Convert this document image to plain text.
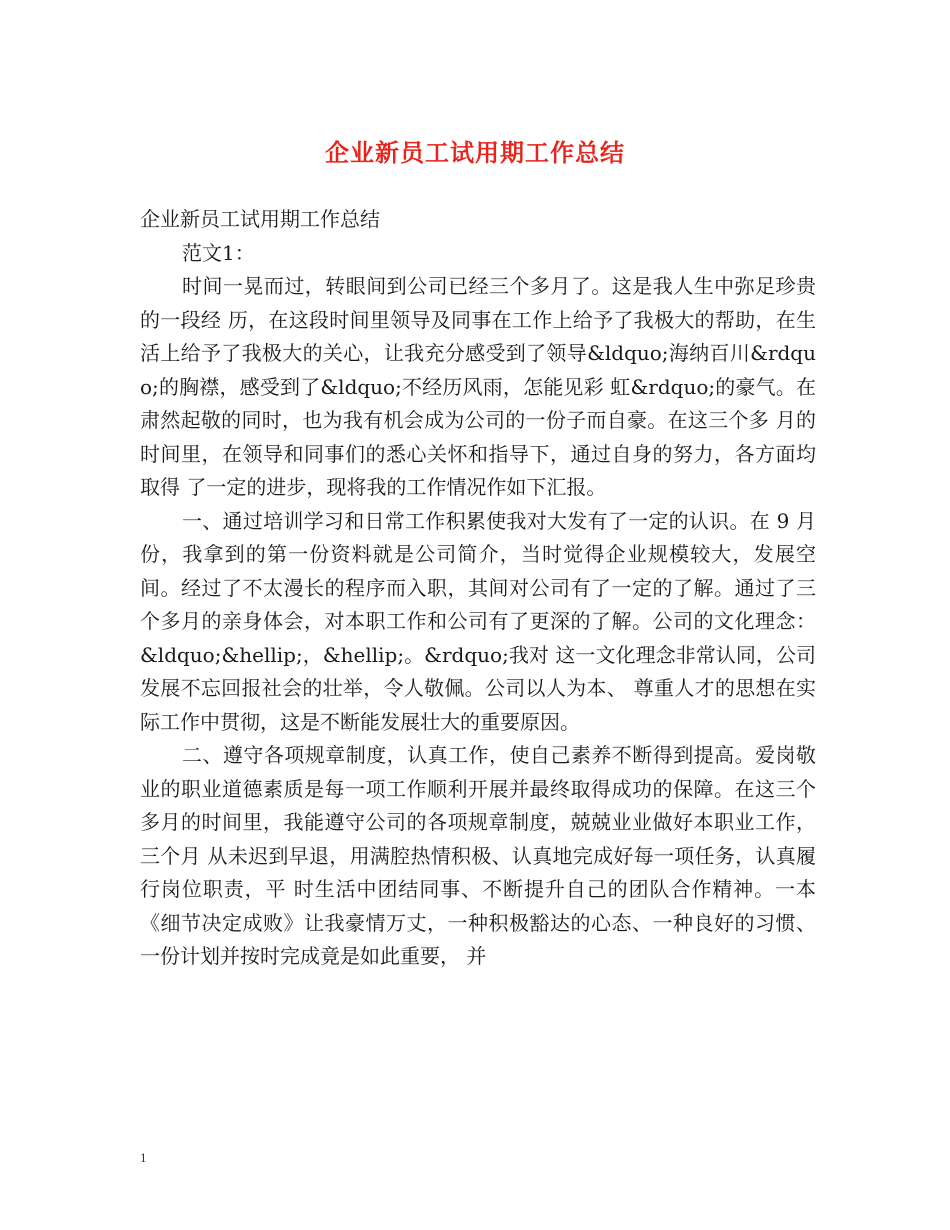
企业新员工试用期工作总结

企业新员工试用期工作总结

范文1：

时间一晃而过，转眼间到公司已经三个多月了。这是我人生中弥足珍贵的一段经 历，在这段时间里领导及同事在工作上给予了我极大的帮助，在生活上给予了我极大的关心，让我充分感受到了领导&ldquo;海纳百川&rdquo;的胸襟，感受到了&ldquo;不经历风雨，怎能见彩 虹&rdquo;的豪气。在肃然起敬的同时，也为我有机会成为公司的一份子而自豪。在这三个多 月的时间里，在领导和同事们的悉心关怀和指导下，通过自身的努力，各方面均取得 了一定的进步，现将我的工作情况作如下汇报。

一、通过培训学习和日常工作积累使我对大发有了一定的认识。在 9 月份，我拿到的第一份资料就是公司简介，当时觉得企业规模较大，发展空 间。经过了不太漫长的程序而入职，其间对公司有了一定的了解。通过了三个多月的亲身体会，对本职工作和公司有了更深的了解。公司的文化理念：&ldquo;&hellip;，&hellip;。&rdquo;我对 这一文化理念非常认同，公司发展不忘回报社会的壮举，令人敬佩。公司以人为本、 尊重人才的思想在实际工作中贯彻，这是不断能发展壮大的重要原因。

二、遵守各项规章制度，认真工作，使自己素养不断得到提高。爱岗敬业的职业道德素质是每一项工作顺利开展并最终取得成功的保障。在这三个多月的时间里，我能遵守公司的各项规章制度，兢兢业业做好本职业工作，三个月 从未迟到早退，用满腔热情积极、认真地完成好每一项任务，认真履行岗位职责，平 时生活中团结同事、不断提升自己的团队合作精神。一本《细节决定成败》让我豪情万丈，一种积极豁达的心态、一种良好的习惯、一份计划并按时完成竟是如此重要， 并

1
